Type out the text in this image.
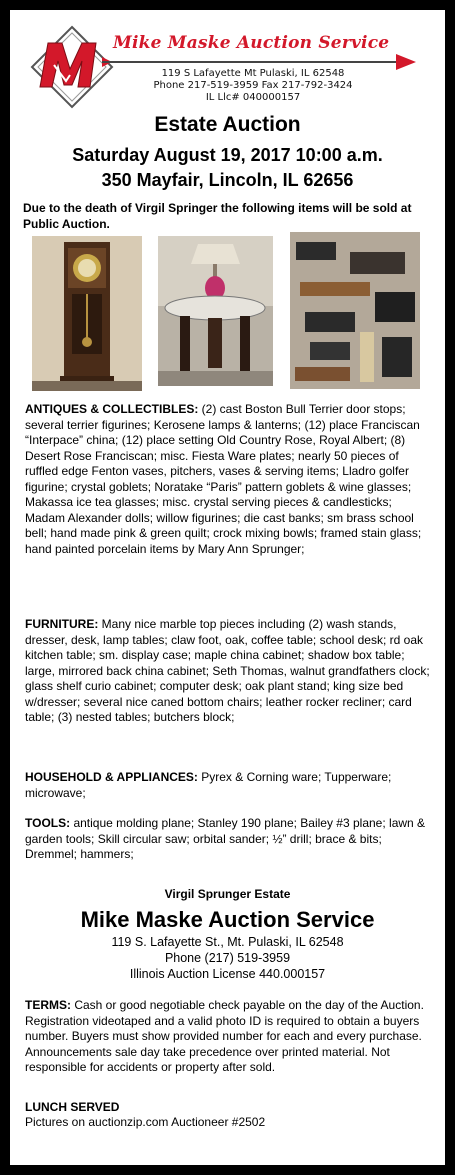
Mike Maske Auction Service
119 S Lafayette Mt Pulaski, IL 62548
Phone 217-519-3959 Fax 217-792-3424
IL Llc# 040000157
Estate Auction
Saturday August 19, 2017 10:00 a.m.
350 Mayfair, Lincoln, IL 62656
Due to the death of Virgil Springer the following items will be sold at Public Auction.
ANTIQUES & COLLECTIBLES: (2) cast Boston Bull Terrier door stops; several terrier figurines; Kerosene lamps & lanterns; (12) place Franciscan “Interpace” china; (12) place setting Old Country Rose, Royal Albert; (8) Desert Rose Franciscan; misc. Fiesta Ware plates; nearly 50 pieces of ruffled edge Fenton vases, pitchers, vases & serving items; Lladro golfer figurine; crystal goblets; Noratake “Paris” pattern goblets & wine glasses; Makassa ice tea glasses; misc. crystal serving pieces & candlesticks; Madam Alexander dolls; willow figurines; die cast banks; sm brass school bell; hand made pink & green quilt; crock mixing bowls; framed stain glass; hand painted porcelain items by Mary Ann Sprunger;
FURNITURE: Many nice marble top pieces including (2) wash stands, dresser, desk, lamp tables; claw foot, oak, coffee table; school desk; rd oak kitchen table; sm. display case; maple china cabinet; shadow box table; large, mirrored back china cabinet; Seth Thomas, walnut grandfathers clock; glass shelf curio cabinet; computer desk; oak plant stand; king size bed w/dresser; several nice caned bottom chairs; leather rocker recliner; card table; (3) nested tables; butchers block;
HOUSEHOLD & APPLIANCES: Pyrex & Corning ware; Tupperware; microwave;
TOOLS: antique molding plane; Stanley 190 plane; Bailey #3 plane; lawn & garden tools; Skill circular saw; orbital sander; ½” drill; brace & bits; Dremmel; hammers;
Virgil Sprunger Estate
Mike Maske Auction Service
119 S. Lafayette St., Mt. Pulaski, IL 62548
Phone (217) 519-3959
Illinois Auction License 440.000157
TERMS: Cash or good negotiable check payable on the day of the Auction. Registration videotaped and a valid photo ID is required to obtain a buyers number. Buyers must show provided number for each and every purchase. Announcements sale day take precedence over printed material. Not responsible for accidents or property after sold.
LUNCH SERVED
Pictures on auctionzip.com Auctioneer #2502
